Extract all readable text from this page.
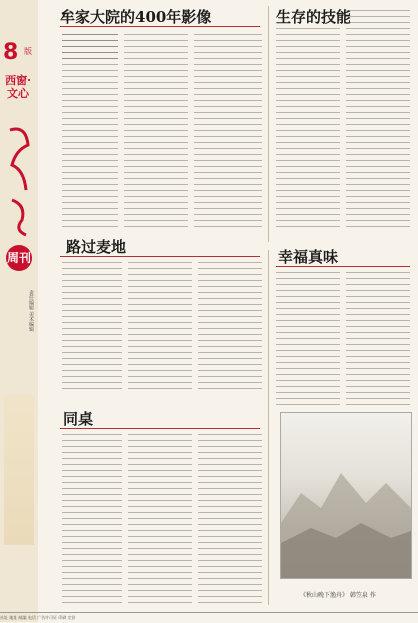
8 版
西窗·文心
周刊
责任编辑 美术编辑
牟家大院的400年影像	生存的技能
路过麦地
幸福真味
同桌
《秋山晚下渔舟》 韩笠泉 作
社址 地址 邮编 电话 广告许可证 印刷 定价
